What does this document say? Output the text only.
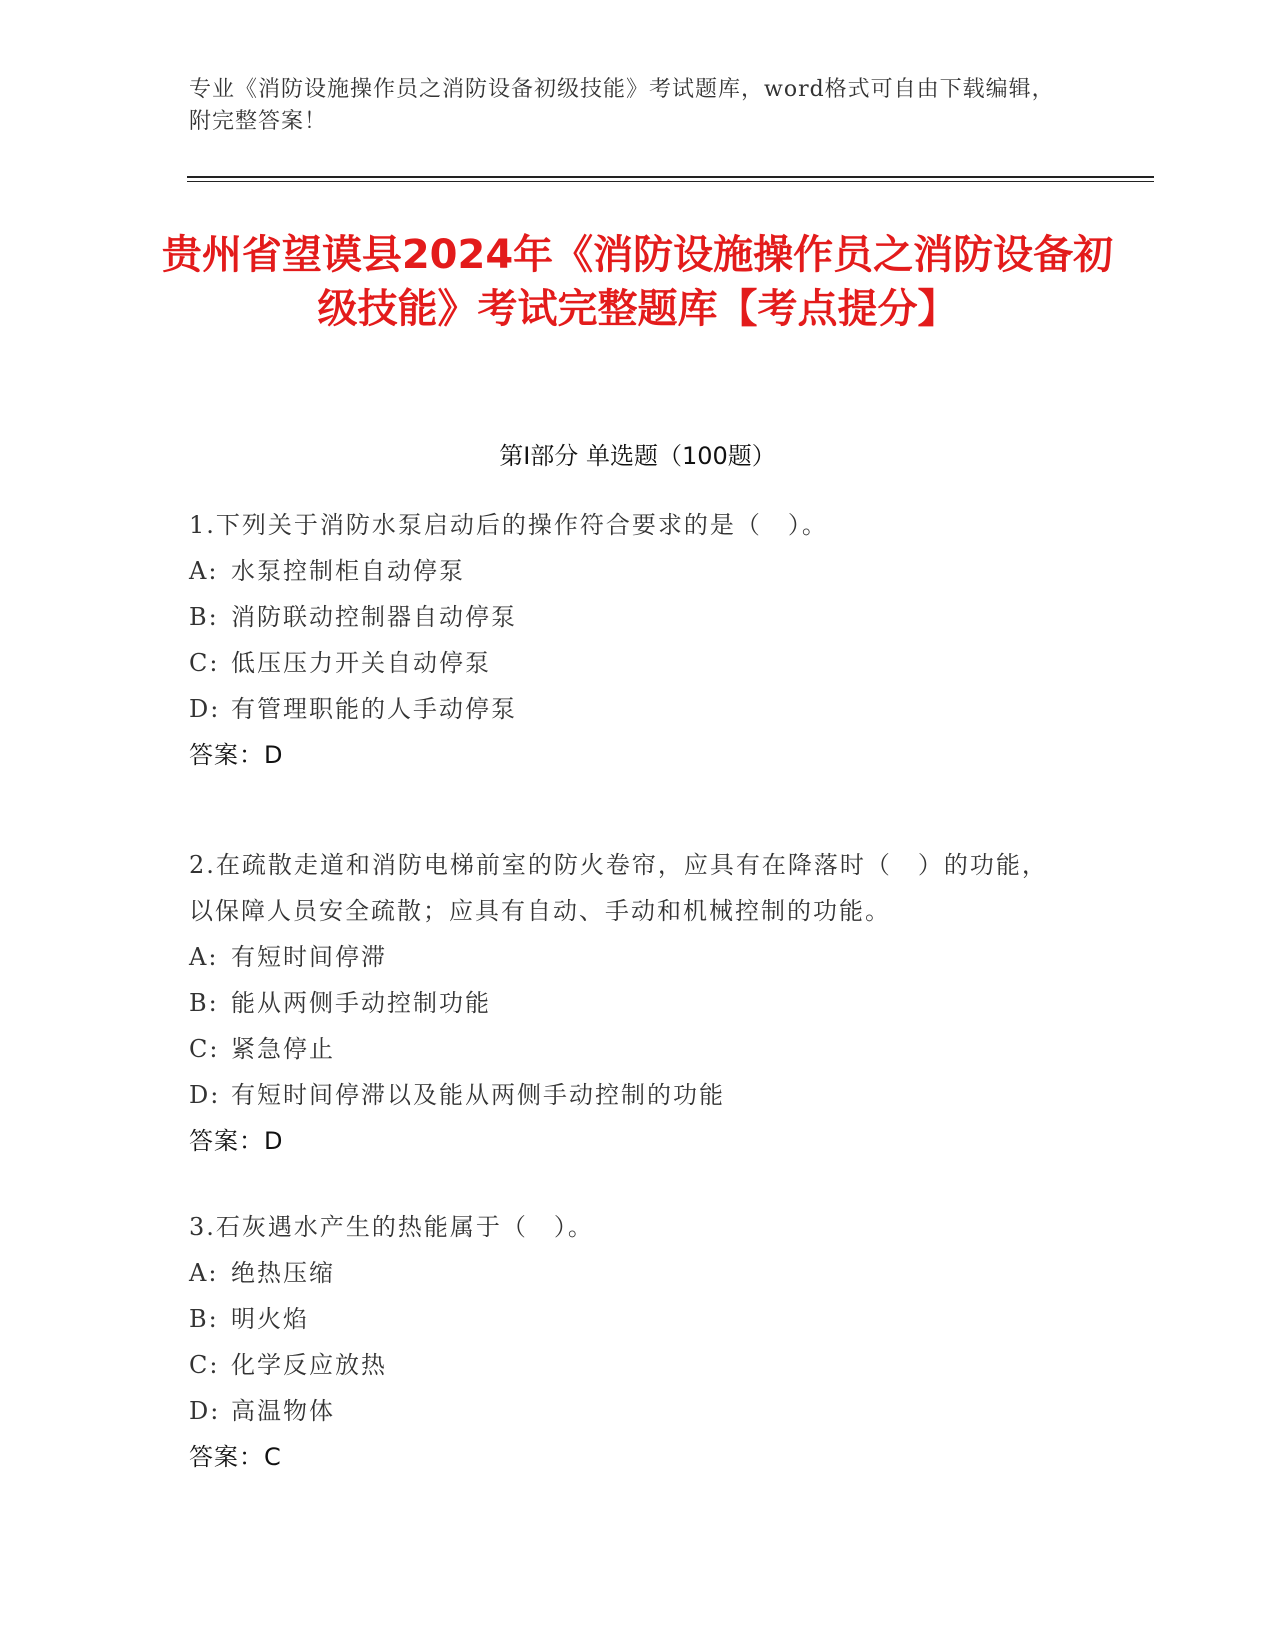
专业《消防设施操作员之消防设备初级技能》考试题库，word格式可自由下载编辑，附完整答案！
贵州省望谟县2024年《消防设施操作员之消防设备初级技能》考试完整题库【考点提分】
第I部分 单选题（100题）
1.下列关于消防水泵启动后的操作符合要求的是（　）。
A: 水泵控制柜自动停泵
B: 消防联动控制器自动停泵
C: 低压压力开关自动停泵
D: 有管理职能的人手动停泵
答案：D
2.在疏散走道和消防电梯前室的防火卷帘，应具有在降落时（　）的功能，以保障人员安全疏散；应具有自动、手动和机械控制的功能。
A: 有短时间停滞
B: 能从两侧手动控制功能
C: 紧急停止
D: 有短时间停滞以及能从两侧手动控制的功能
答案：D
3.石灰遇水产生的热能属于（　）。
A: 绝热压缩
B: 明火焰
C: 化学反应放热
D: 高温物体
答案：C
